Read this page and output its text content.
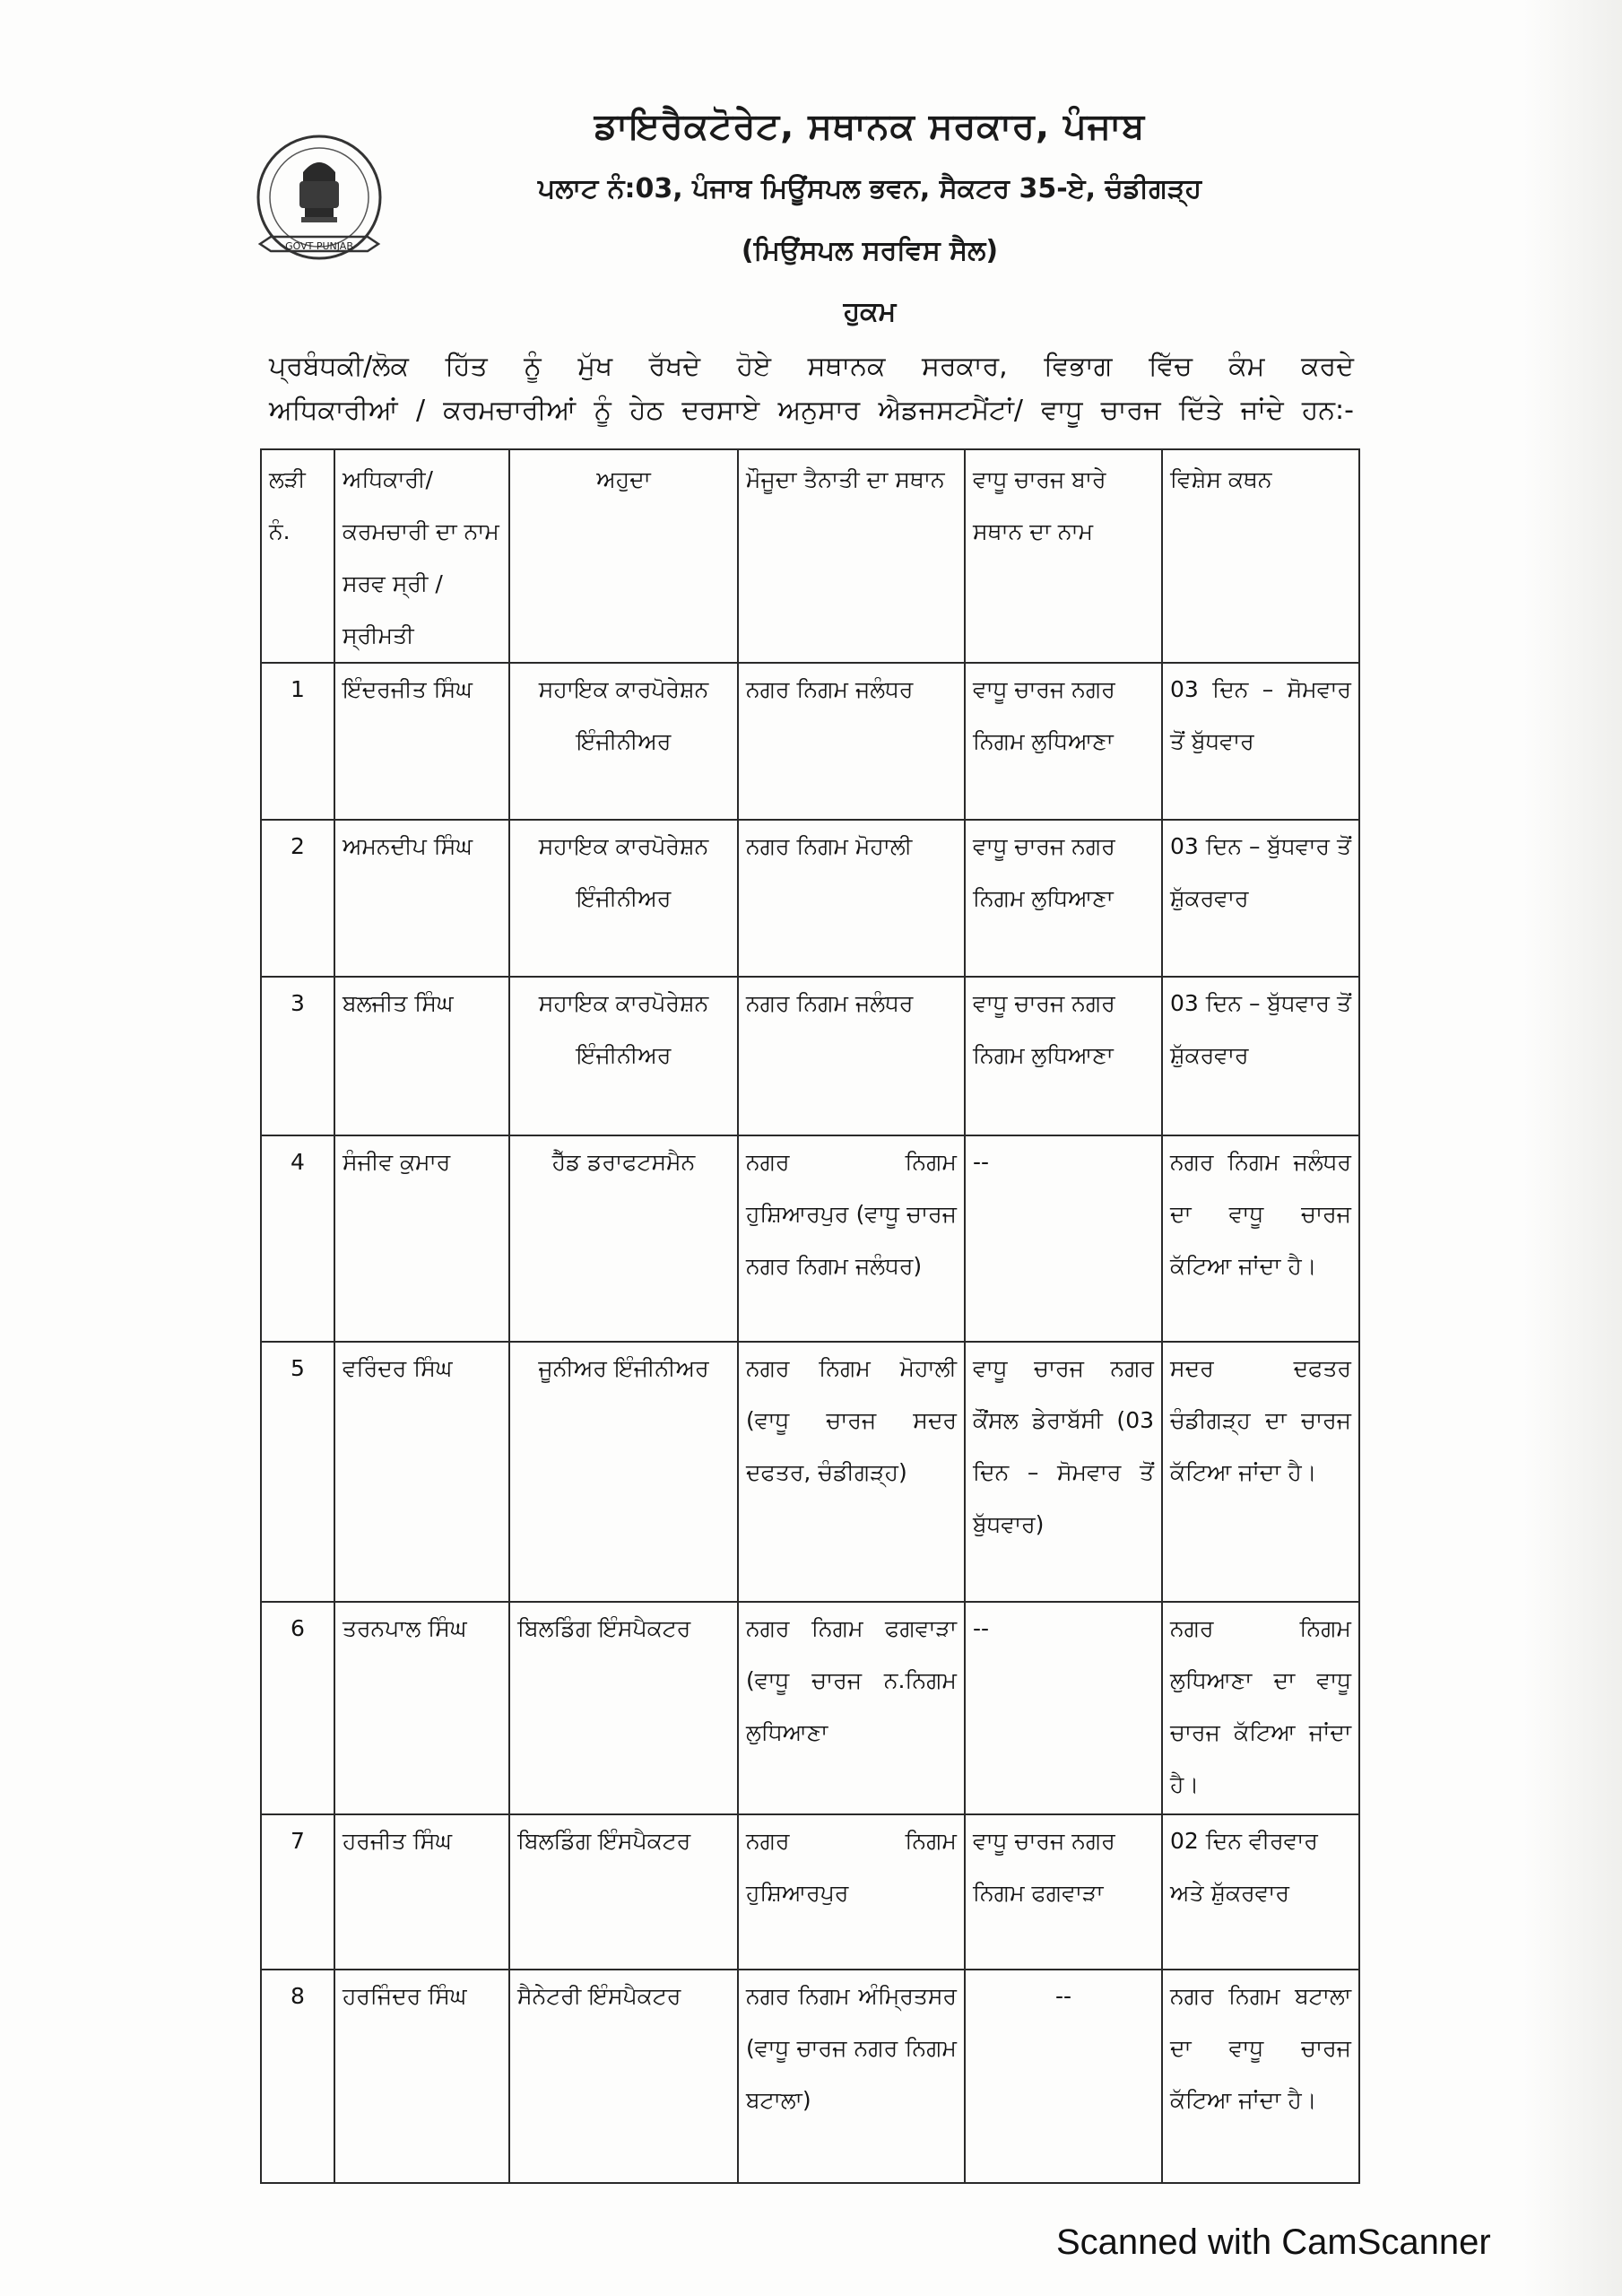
GOVT PUNJAB
ਡਾਇਰੈਕਟੋਰੇਟ, ਸਥਾਨਕ ਸਰਕਾਰ, ਪੰਜਾਬ
ਪਲਾਟ ਨੰ:03, ਪੰਜਾਬ ਮਿਊਂਸਪਲ ਭਵਨ, ਸੈਕਟਰ 35-ਏ, ਚੰਡੀਗੜ੍ਹ
(ਮਿਉਂਸਪਲ ਸਰਵਿਸ ਸੈਲ)
ਹੁਕਮ
ਪ੍ਰਬੰਧਕੀ/ਲੋਕ ਹਿੱਤ ਨੂੰ ਮੁੱਖ ਰੱਖਦੇ ਹੋਏ ਸਥਾਨਕ ਸਰਕਾਰ, ਵਿਭਾਗ ਵਿੱਚ ਕੰਮ ਕਰਦੇ
ਅਧਿਕਾਰੀਆਂ / ਕਰਮਚਾਰੀਆਂ ਨੂੰ ਹੇਠ ਦਰਸਾਏ ਅਨੁਸਾਰ ਐਡਜਸਟਮੈਂਟਾਂ/ ਵਾਧੂ ਚਾਰਜ ਦਿੱਤੇ ਜਾਂਦੇ ਹਨ:-
ਲੜੀ ਨੰ.	ਅਧਿਕਾਰੀ/ ਕਰਮਚਾਰੀ ਦਾ ਨਾਮ ਸਰਵ ਸ੍ਰੀ /ਸ੍ਰੀਮਤੀ	ਅਹੁਦਾ	ਮੌਜੂਦਾ ਤੈਨਾਤੀ ਦਾ ਸਥਾਨ	ਵਾਧੂ ਚਾਰਜ ਬਾਰੇ ਸਥਾਨ ਦਾ ਨਾਮ	ਵਿਸ਼ੇਸ ਕਥਨ
1	ਇੰਦਰਜੀਤ ਸਿੰਘ	ਸਹਾਇਕ ਕਾਰਪੋਰੇਸ਼ਨ ਇੰਜੀਨੀਅਰ	ਨਗਰ ਨਿਗਮ ਜਲੰਧਰ	ਵਾਧੂ ਚਾਰਜ ਨਗਰ ਨਿਗਮ ਲੁਧਿਆਣਾ	03 ਦਿਨ – ਸੋਮਵਾਰ ਤੋਂ ਬੁੱਧਵਾਰ

2	ਅਮਨਦੀਪ ਸਿੰਘ	ਸਹਾਇਕ ਕਾਰਪੋਰੇਸ਼ਨ ਇੰਜੀਨੀਅਰ	ਨਗਰ ਨਿਗਮ ਮੋਹਾਲੀ	ਵਾਧੂ ਚਾਰਜ ਨਗਰ ਨਿਗਮ ਲੁਧਿਆਣਾ	03 ਦਿਨ – ਬੁੱਧਵਾਰ ਤੋਂ ਸ਼ੁੱਕਰਵਾਰ

3	ਬਲਜੀਤ ਸਿੰਘ	ਸਹਾਇਕ ਕਾਰਪੋਰੇਸ਼ਨ ਇੰਜੀਨੀਅਰ	ਨਗਰ ਨਿਗਮ ਜਲੰਧਰ	ਵਾਧੂ ਚਾਰਜ ਨਗਰ ਨਿਗਮ ਲੁਧਿਆਣਾ	03 ਦਿਨ – ਬੁੱਧਵਾਰ ਤੋਂ ਸ਼ੁੱਕਰਵਾਰ

4	ਸੰਜੀਵ ਕੁਮਾਰ	ਹੈੱਡ ਡਰਾਫਟਸਮੈਨ	ਨਗਰ ਨਿਗਮ ਹੁਸ਼ਿਆਰਪੁਰ (ਵਾਧੂ ਚਾਰਜ ਨਗਰ ਨਿਗਮ ਜਲੰਧਰ)	--	ਨਗਰ ਨਿਗਮ ਜਲੰਧਰ ਦਾ ਵਾਧੂ ਚਾਰਜ ਕੱਟਿਆ ਜਾਂਦਾ ਹੈ।

5	ਵਰਿੰਦਰ ਸਿੰਘ	ਜੂਨੀਅਰ ਇੰਜੀਨੀਅਰ	ਨਗਰ ਨਿਗਮ ਮੋਹਾਲੀ (ਵਾਧੂ ਚਾਰਜ ਸਦਰ ਦਫਤਰ, ਚੰਡੀਗੜ੍ਹ)	ਵਾਧੂ ਚਾਰਜ ਨਗਰ ਕੌਂਸਲ ਡੇਰਾਬੱਸੀ (03 ਦਿਨ – ਸੋਮਵਾਰ ਤੋਂ ਬੁੱਧਵਾਰ)	ਸਦਰ ਦਫਤਰ ਚੰਡੀਗੜ੍ਹ ਦਾ ਚਾਰਜ ਕੱਟਿਆ ਜਾਂਦਾ ਹੈ।

6	ਤਰਨਪਾਲ ਸਿੰਘ	ਬਿਲਡਿੰਗ ਇੰਸਪੈਕਟਰ	ਨਗਰ ਨਿਗਮ ਫਗਵਾੜਾ (ਵਾਧੂ ਚਾਰਜ ਨ.ਨਿਗਮ ਲੁਧਿਆਣਾ	--	ਨਗਰ ਨਿਗਮ ਲੁਧਿਆਣਾ ਦਾ ਵਾਧੂ ਚਾਰਜ ਕੱਟਿਆ ਜਾਂਦਾ ਹੈ।

7	ਹਰਜੀਤ ਸਿੰਘ	ਬਿਲਡਿੰਗ ਇੰਸਪੈਕਟਰ	ਨਗਰ ਨਿਗਮ ਹੁਸ਼ਿਆਰਪੁਰ	ਵਾਧੂ ਚਾਰਜ ਨਗਰ ਨਿਗਮ ਫਗਵਾੜਾ	02 ਦਿਨ ਵੀਰਵਾਰ ਅਤੇ ਸ਼ੁੱਕਰਵਾਰ
8	ਹਰਜਿੰਦਰ ਸਿੰਘ	ਸੈਨੇਟਰੀ ਇੰਸਪੈਕਟਰ	ਨਗਰ ਨਿਗਮ ਅੰਮ੍ਰਿਤਸਰ (ਵਾਧੂ ਚਾਰਜ ਨਗਰ ਨਿਗਮ ਬਟਾਲਾ)	--	ਨਗਰ ਨਿਗਮ ਬਟਾਲਾ ਦਾ ਵਾਧੂ ਚਾਰਜ ਕੱਟਿਆ ਜਾਂਦਾ ਹੈ।
Scanned with CamScanner
